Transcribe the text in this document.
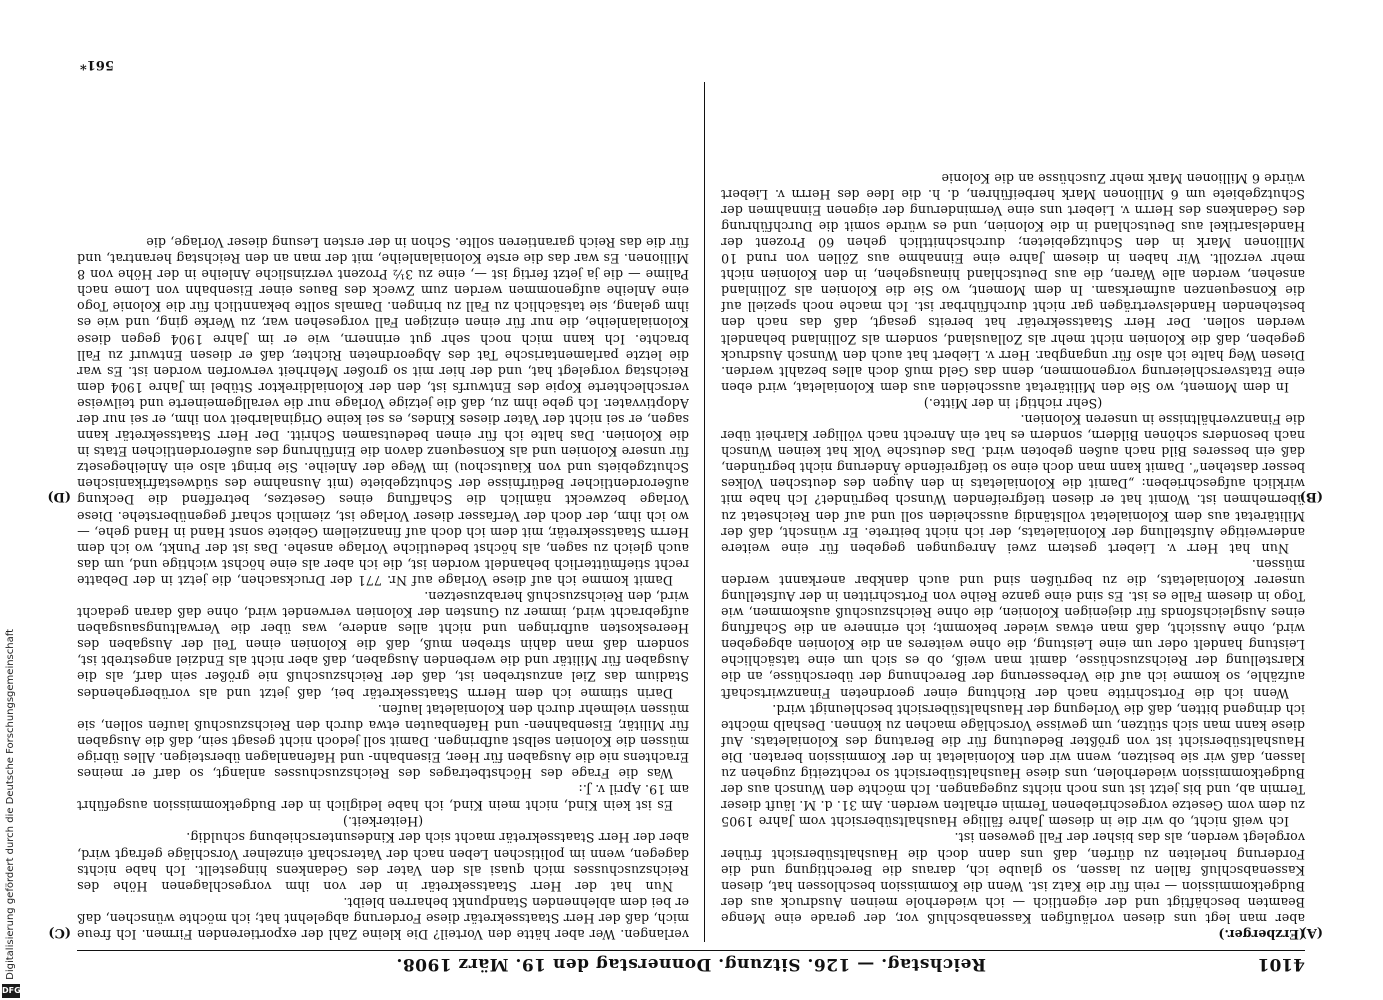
4101
Reichstag. — 126. Sitzung. Donnerstag den 19. März 1908.
(A)
(B)
(C)
(D)

(Erzberger.)

aber man legt uns diesen vorläufigen Kassenabschluß vor, der gerade eine Menge Beamten beschäftigt und der eigentlich — ich wiederhole meinen Ausdruck aus der Budgetkommission — rein für die Katz ist. Wenn die Kommission beschlossen hat, diesen Kassenabschluß fallen zu lassen, so glaube ich, daraus die Berechtigung und die Forderung herleiten zu dürfen, daß uns dann doch die Haushaltsübersicht früher vorgelegt werden, als das bisher der Fall gewesen ist.

Ich weiß nicht, ob wir die in diesem Jahre fällige Haushaltsübersicht vom Jahre 1905 zu dem vom Gesetze vorgeschriebenen Termin erhalten werden. Am 31. d. M. läuft dieser Termin ab, und bis jetzt ist uns noch nichts zugegangen. Ich möchte den Wunsch aus der Budgetkommission wiederholen, uns diese Haushaltsübersicht so rechtzeitig zugehen zu lassen, daß wir sie besitzen, wenn wir den Kolonialetat in der Kommission beraten. Die Haushaltsübersicht ist von größter Bedeutung für die Beratung des Kolonialetats. Auf diese kann man sich stützen, um gewisse Vorschläge machen zu können. Deshalb möchte ich dringend bitten, daß die Vorlegung der Haushaltsübersicht beschleunigt wird.

Wenn ich die Fortschritte nach der Richtung einer geordneten Finanzwirtschaft aufzähle, so komme ich auf die Verbesserung der Berechnung der überschüsse, an die Klarstellung der Reichszuschüsse, damit man weiß, ob es sich um eine tatsächliche Leistung handelt oder um eine Leistung, die ohne weiteres an die Kolonien abgegeben wird, ohne Aussicht, daß man etwas wieder bekommt; ich erinnere an die Schaffung eines Ausgleichsfonds für diejenigen Kolonien, die ohne Reichszuschuß auskommen, wie Togo in diesem Falle es ist. Es sind eine ganze Reihe von Fortschritten in der Aufstellung unserer Kolonialetats, die zu begrüßen sind und auch dankbar anerkannt werden müssen.

Nun hat Herr v. Liebert gestern zwei Anregungen gegeben für eine weitere anderweitige Aufstellung der Kolonialetats, der ich nicht beitrete. Er wünscht, daß der Militäretat aus dem Kolonialetat vollständig ausscheiden soll und auf den Reichsetat zu übernehmen ist. Womit hat er diesen tiefgreifenden Wunsch begründet? Ich habe mit wirklich aufgeschrieben: „Damit die Kolonialetats in den Augen des deutschen Volkes besser dastehen“. Damit kann man doch eine so tiefgreifende Änderung nicht begründen, daß ein besseres Bild nach außen geboten wird. Das deutsche Volk hat keinen Wunsch nach besonders schönen Bildern, sondern es hat ein Anrecht nach völliger Klarheit über die Finanzverhältnisse in unseren Kolonien.

(Sehr richtig! in der Mitte.)

In dem Moment, wo Sie den Militäretat ausscheiden aus dem Kolonialetat, wird eben eine Etatsverschleierung vorgenommen, denn das Geld muß doch alles bezahlt werden. Diesen Weg halte ich also für ungangbar. Herr v. Liebert hat auch den Wunsch Ausdruck gegeben, daß die Kolonien nicht mehr als Zollausland, sondern als Zollinland behandelt werden sollen. Der Herr Staatssekretär hat bereits gesagt, daß das nach den bestehenden Handelsverträgen gar nicht durchführbar ist. Ich mache noch speziell auf die Konsequenzen aufmerksam. In dem Moment, wo Sie die Kolonien als Zollinland ansehen, werden alle Waren, die aus Deutschland hinausgehen, in den Kolonien nicht mehr verzollt. Wir haben in diesem Jahre eine Einnahme aus Zöllen von rund 10 Millionen Mark in den Schutzgebieten; durchschnittlich gehen 60 Prozent der Handelsartikel aus Deutschland in die Kolonien, und es würde somit die Durchführung des Gedankens des Herrn v. Liebert uns eine Verminderung der eigenen Einnahmen der Schutzgebiete um 6 Millionen Mark herbeiführen, d. h. die Idee des Herrn v. Liebert würde 6 Millionen Mark mehr Zuschüsse an die Kolonie

verlangen. Wer aber hätte den Vorteil? Die kleine Zahl der exportierenden Firmen. Ich freue mich, daß der Herr Staatssekretär diese Forderung abgelehnt hat; ich möchte wünschen, daß er bei dem ablehnenden Standpunkt beharren bleibt.

Nun hat der Herr Staatssekretär in der von ihm vorgeschlagenen Höhe des Reichszuschusses mich quasi als den Vater des Gedankens hingestellt. Ich habe nichts dagegen, wenn im politischen Leben nach der Vaterschaft einzelner Vorschläge gefragt wird, aber der Herr Staatssekretär macht sich der Kindesunterschiebung schuldig.

(Heiterkeit.)

Es ist kein Kind, nicht mein Kind, ich habe lediglich in der Budgetkommission ausgeführt am 19. April v. J.:

Was die Frage des Höchstbetrages des Reichszuschusses anlangt, so darf er meines Erachtens nie die Ausgaben für Heer, Eisenbahn- und Hafenanlagen übersteigen. Alles übrige müssen die Kolonien selbst aufbringen. Damit soll jedoch nicht gesagt sein, daß die Ausgaben für Militär, Eisenbahnen- und Hafenbauten etwa durch den Reichszuschuß laufen sollen, sie müssen vielmehr durch den Kolonialetat laufen.

Darin stimme ich dem Herrn Staatssekretär bei, daß jetzt und als vorübergehendes Stadium das Ziel anzustreben ist, daß der Reichszuschuß nie größer sein darf, als die Ausgaben für Militär und die werbenden Ausgaben, daß aber nicht als Endziel angestrebt ist, sondern daß man dahin streben muß, daß die Kolonien einen Teil der Ausgaben des Heereskosten aufbringen und nicht alles andere, was über die Verwaltungsausgaben aufgebracht wird, immer zu Gunsten der Kolonien verwendet wird, ohne daß daran gedacht wird, den Reichszuschuß herabzusetzen.

Damit komme ich auf diese Vorlage auf Nr. 771 der Drucksachen, die jetzt in der Debatte recht stiefmütterlich behandelt worden ist, die ich aber als eine höchst wichtige und, um das auch gleich zu sagen, als höchst bedeutliche Vorlage ansehe. Das ist der Punkt, wo ich dem Herrn Staatssekretär, mit dem ich doch auf finanziellem Gebiete sonst Hand in Hand gehe, — wo ich ihm, der doch der Verfasser dieser Vorlage ist, ziemlich scharf gegenüberstehe. Diese Vorlage bezweckt nämlich die Schaffung eines Gesetzes, betreffend die Deckung außerordentlicher Bedürfnisse der Schutzgebiete (mit Ausnahme des südwestafrikanischen Schutzgebiets und von Kiautschou) im Wege der Anleihe. Sie bringt also ein Anleihegesetz für unsere Kolonien und als Konsequenz davon die Einführung des außerordentlichen Etats in die Kolonien. Das halte ich für einen bedeutsamen Schritt. Der Herr Staatssekretär kann sagen, er sei nicht der Vater dieses Kindes, es sei keine Originalarbeit von ihm, er sei nur der Adoptivvater. Ich gebe ihm zu, daß die jetzige Vorlage nur die verallgemeinerte und teilweise verschlechterte Kopie des Entwurfs ist, den der Kolonialdirektor Stübel im Jahre 1904 dem Reichstag vorgelegt hat, und der hier mit so großer Mehrheit verworfen worden ist. Es war die letzte parlamentarische Tat des Abgeordneten Richter, daß er diesen Entwurf zu Fall brachte. Ich kann mich noch sehr gut erinnern, wie er im Jahre 1904 gegen diese Kolonialanleihe, die nur für einen einzigen Fall vorgesehen war, zu Werke ging, und wie es ihm gelang, sie tatsächlich zu Fall zu bringen. Damals sollte bekanntlich für die Kolonie Togo eine Anleihe aufgenommen werden zum Zweck des Baues einer Eisenbahn von Lome nach Palime — die ja jetzt fertig ist —, eine zu 3½ Prozent verzinsliche Anleihe in der Höhe von 8 Millionen. Es war das die erste Kolonialanleihe, mit der man an den Reichstag herantrat, und für die das Reich garantieren sollte. Schon in der ersten Lesung dieser Vorlage, die

561*
Digitalisierung gefördert durch die Deutsche Forschungsgemeinschaft
DFG
